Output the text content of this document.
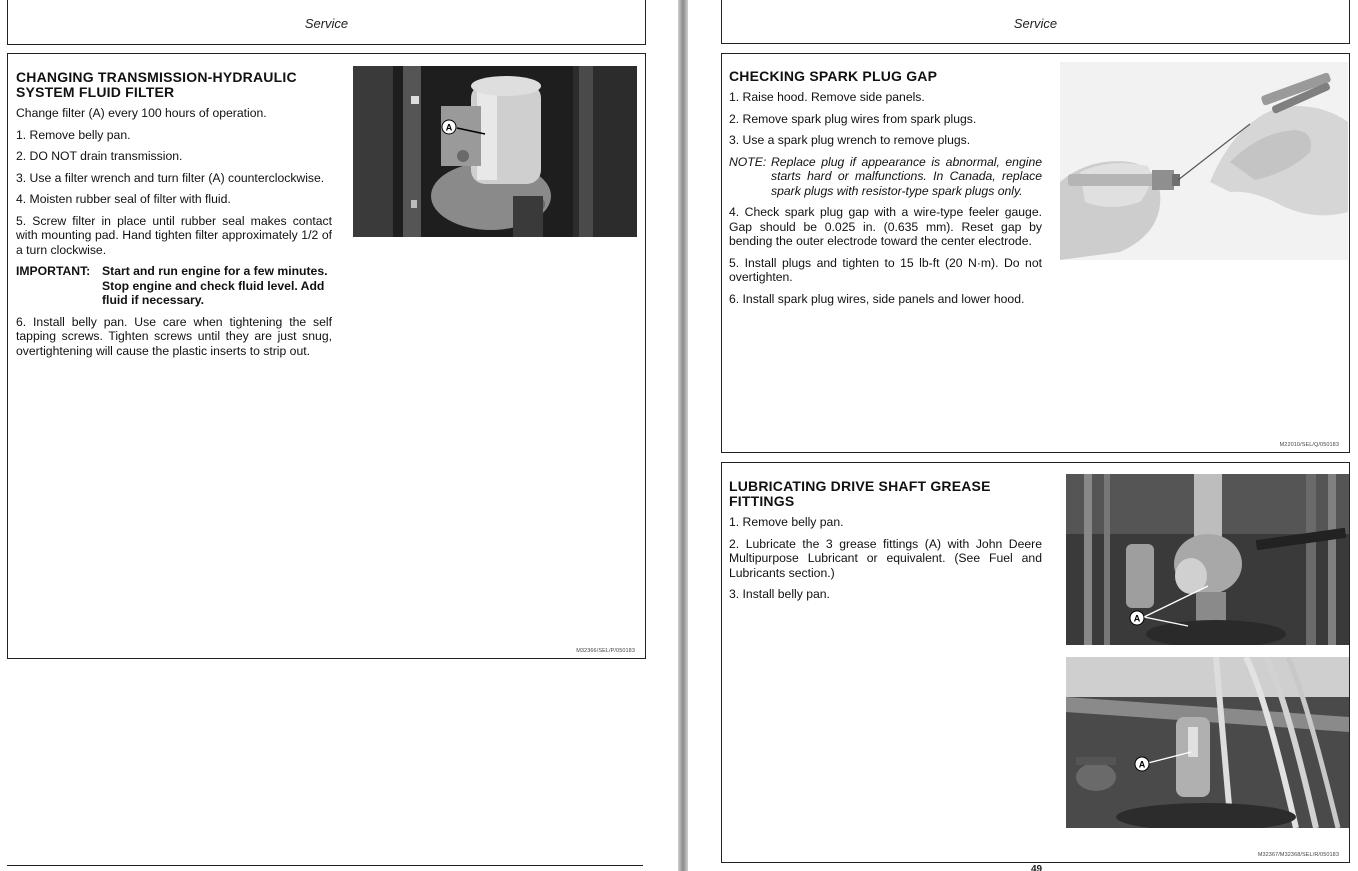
Service
CHANGING TRANSMISSION-HYDRAULIC
SYSTEM FLUID FILTER

Change filter (A) every 100 hours of operation.

1. Remove belly pan.

2. DO NOT drain transmission.

3. Use a filter wrench and turn filter (A) counterclockwise.

4. Moisten rubber seal of filter with fluid.

5. Screw filter in place until rubber seal makes contact with mounting pad. Hand tighten filter approximately 1/2 of a turn clockwise.

IMPORTANT: Start and run engine for a few minutes. Stop engine and check fluid level. Add fluid if necessary.

6. Install belly pan. Use care when tightening the self tapping screws. Tighten screws until they are just snug, overtightening will cause the plastic inserts to strip out.

A
M32366/SEL/P/050183
Service
CHECKING SPARK PLUG GAP

1. Raise hood. Remove side panels.

2. Remove spark plug wires from spark plugs.

3. Use a spark plug wrench to remove plugs.

NOTE: Replace plug if appearance is abnormal, engine starts hard or malfunctions. In Canada, replace spark plugs with resistor-type spark plugs only.

4. Check spark plug gap with a wire-type feeler gauge. Gap should be 0.025 in. (0.635 mm). Reset gap by bending the outer electrode toward the center electrode.

5. Install plugs and tighten to 15 lb-ft (20 N·m). Do not overtighten.

6. Install spark plug wires, side panels and lower hood.

M22010/SEL/Q/050183
LUBRICATING DRIVE SHAFT GREASE
FITTINGS

1. Remove belly pan.

2. Lubricate the 3 grease fittings (A) with John Deere Multipurpose Lubricant or equivalent. (See Fuel and Lubricants section.)

3. Install belly pan.

A
A
M32367/M32368/SEL/R/050183
49
